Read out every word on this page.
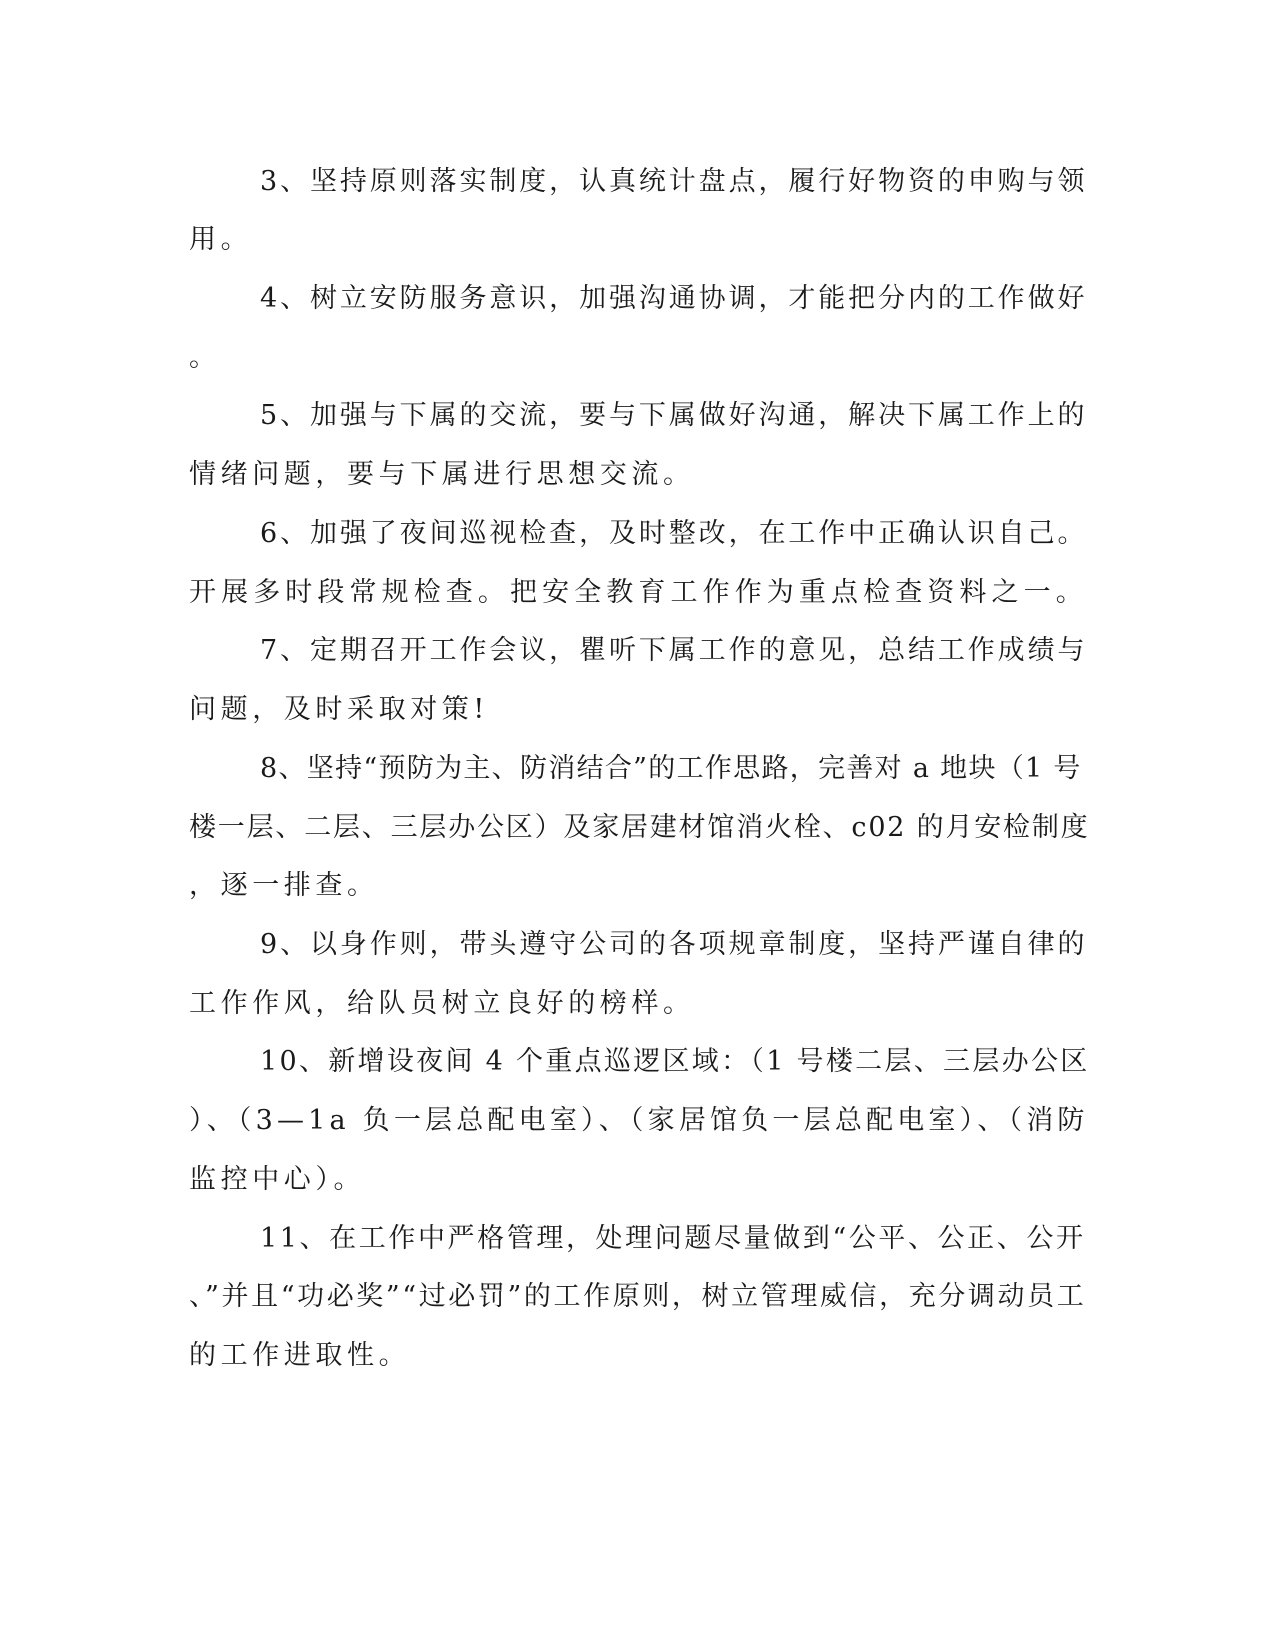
3、坚持原则落实制度，认真统计盘点，履行好物资的申购与领
用。
4、树立安防服务意识，加强沟通协调，才能把分内的工作做好
。
5、加强与下属的交流，要与下属做好沟通，解决下属工作上的
情绪问题，要与下属进行思想交流。
6、加强了夜间巡视检查，及时整改，在工作中正确认识自己。
开展多时段常规检查。把安全教育工作作为重点检查资料之一。
7、定期召开工作会议，瞿听下属工作的意见，总结工作成绩与
问题，及时采取对策!
8、坚持“预防为主、防消结合”的工作思路，完善对 a 地块（1 号
楼一层、二层、三层办公区）及家居建材馆消火栓、c02 的月安检制度
，逐一排查。
9、以身作则，带头遵守公司的各项规章制度，坚持严谨自律的
工作作风，给队员树立良好的榜样。
10、新增设夜间 4 个重点巡逻区域：（1 号楼二层、三层办公区
）、（3—1a 负一层总配电室）、（家居馆负一层总配电室）、（消防
监控中心）。
11、在工作中严格管理，处理问题尽量做到“公平、公正、公开
、”并且“功必奖”“过必罚”的工作原则，树立管理威信，充分调动员工
的工作进取性。
